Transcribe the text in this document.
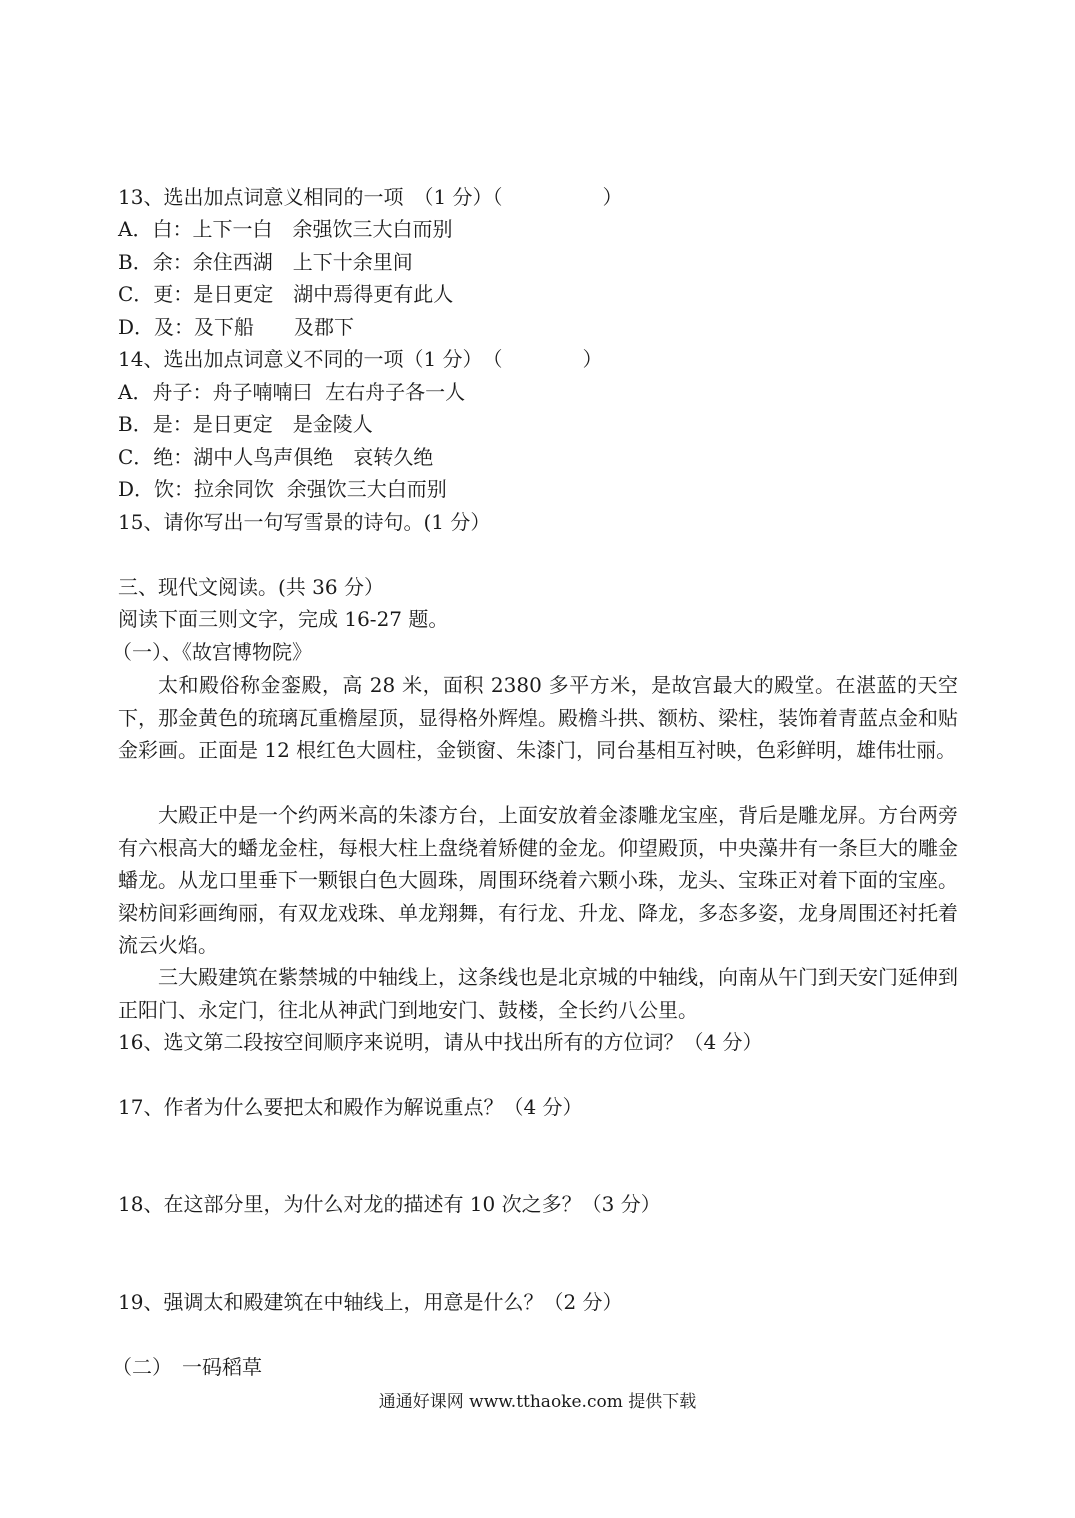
13、选出加点词意义相同的一项　（1 分）（　　　　　）
A．白：上下一白　余强饮三大白而别
B．余：余住西湖　上下十余里间
C．更：是日更定　湖中焉得更有此人
D．及：及下船　　及郡下
14、选出加点词意义不同的一项（1 分）　（　　　　）
A．舟子：舟子喃喃曰  左右舟子各一人
B．是：是日更定　是金陵人
C．绝：湖中人鸟声俱绝　哀转久绝
D．饮：拉余同饮  余强饮三大白而别
15、请你写出一句写雪景的诗句。(1 分）
三、现代文阅读。(共 36 分）
阅读下面三则文字，完成 16-27 题。
（一）、《故宫博物院》
太和殿俗称金銮殿，高 28 米，面积 2380 多平方米，是故宫最大的殿堂。在湛蓝的天空下，那金黄色的琉璃瓦重檐屋顶，显得格外辉煌。殿檐斗拱、额枋、梁柱，装饰着青蓝点金和贴金彩画。正面是 12 根红色大圆柱，金锁窗、朱漆门，同台基相互衬映，色彩鲜明，雄伟壮丽。
大殿正中是一个约两米高的朱漆方台，上面安放着金漆雕龙宝座，背后是雕龙屏。方台两旁有六根高大的蟠龙金柱，每根大柱上盘绕着矫健的金龙。仰望殿顶，中央藻井有一条巨大的雕金蟠龙。从龙口里垂下一颗银白色大圆珠，周围环绕着六颗小珠，龙头、宝珠正对着下面的宝座。梁枋间彩画绚丽，有双龙戏珠、单龙翔舞，有行龙、升龙、降龙，多态多姿，龙身周围还衬托着流云火焰。
三大殿建筑在紫禁城的中轴线上，这条线也是北京城的中轴线，向南从午门到天安门延伸到正阳门、永定门，往北从神武门到地安门、鼓楼，全长约八公里。
16、选文第二段按空间顺序来说明，请从中找出所有的方位词？（4 分）
17、作者为什么要把太和殿作为解说重点？（4 分）
18、在这部分里，为什么对龙的描述有 10 次之多？（3 分）
19、强调太和殿建筑在中轴线上，用意是什么？（2 分）
（二）　一码稻草
通通好课网 www.tthaoke.com 提供下载
